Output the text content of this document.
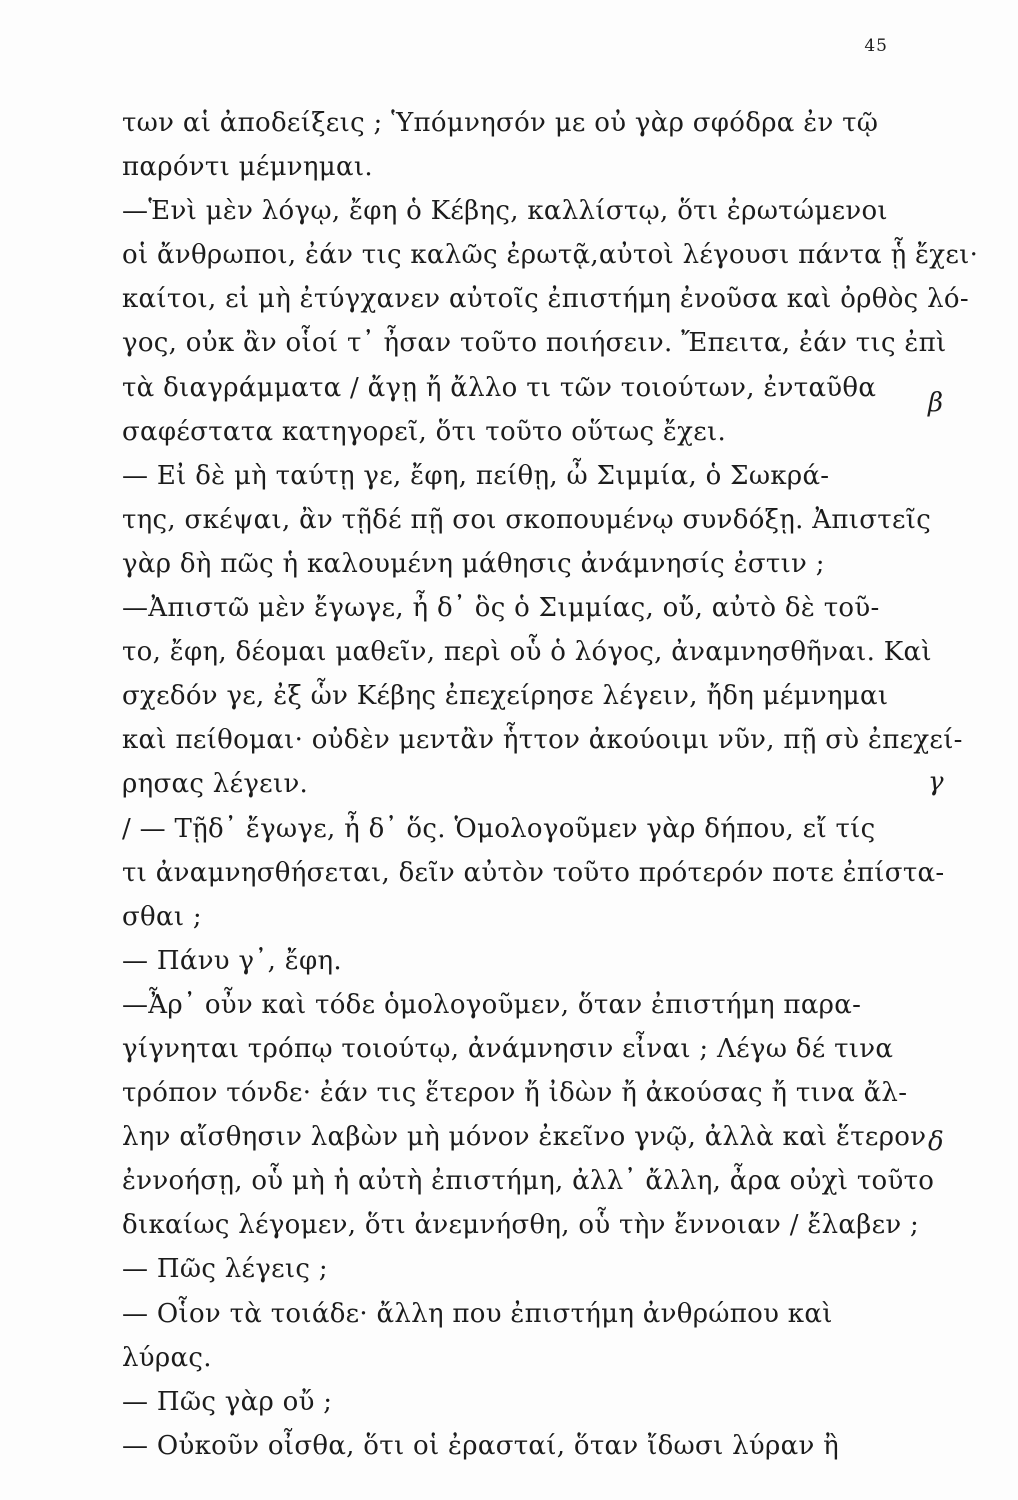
45
των αἱ ἀποδείξεις ; Ὑπόμνησόν με οὐ γὰρ σφόδρα ἐν τῷ
παρόντι μέμνημαι.
—Ἑνὶ μὲν λόγῳ, ἔφη ὁ Κέβης, καλλίστῳ, ὅτι ἐρωτώμενοι
οἱ ἄνθρωποι, ἐάν τις καλῶς ἐρωτᾷ,αὐτοὶ λέγουσι πάντα ᾗ ἔχει·
καίτοι, εἰ μὴ ἐτύγχανεν αὐτοῖς ἐπιστήμη ἐνοῦσα καὶ ὀρθὸς λό-
γος, οὐκ ἂν οἷοί τ᾽ ἦσαν τοῦτο ποιήσειν. Ἔπειτα, ἐάν τις ἐπὶ
τὰ διαγράμματα / ἄγῃ ἤ ἄλλο τι τῶν τοιούτων, ἐνταῦθα
σαφέστατα κατηγορεῖ, ὅτι τοῦτο οὕτως ἔχει.
— Εἰ δὲ μὴ ταύτῃ γε, ἔφη, πείθῃ, ὦ Σιμμία, ὁ Σωκρά-
της, σκέψαι, ἂν τῇδέ πῇ σοι σκοπουμένῳ συνδόξῃ. Ἀπιστεῖς
γὰρ δὴ πῶς ἡ καλουμένη μάθησις ἀνάμνησίς ἐστιν ;
—Ἀπιστῶ μὲν ἔγωγε, ἦ δ᾽ ὃς ὁ Σιμμίας, οὔ, αὐτὸ δὲ τοῦ-
το, ἔφη, δέομαι μαθεῖν, περὶ οὗ ὁ λόγος, ἀναμνησθῆναι. Καὶ
σχεδόν γε, ἐξ ὧν Κέβης ἐπεχείρησε λέγειν, ἤδη μέμνημαι
καὶ πείθομαι· οὐδὲν μεντἂν ἧττον ἀκούοιμι νῦν, πῇ σὺ ἐπεχεί-
ρησας λέγειν.
/ — Τῇδ᾽ ἔγωγε, ἦ δ᾽ ὅς. Ὁμολογοῦμεν γὰρ δήπου, εἴ τίς
τι ἀναμνησθήσεται, δεῖν αὐτὸν τοῦτο πρότερόν ποτε ἐπίστα-
σθαι ;
— Πάνυ γ᾽, ἔφη.
—Ἆρ᾽ οὖν καὶ τόδε ὁμολογοῦμεν, ὅταν ἐπιστήμη παρα-
γίγνηται τρόπῳ τοιούτῳ, ἀνάμνησιν εἶναι ; Λέγω δέ τινα
τρόπον τόνδε· ἐάν τις ἕτερον ἤ ἰδὼν ἤ ἀκούσας ἤ τινα ἄλ-
λην αἴσθησιν λαβὼν μὴ μόνον ἐκεῖνο γνῷ, ἀλλὰ καὶ ἕτερον
ἐννοήσῃ, οὗ μὴ ἡ αὐτὴ ἐπιστήμη, ἀλλ᾽ ἄλλη, ἆρα οὐχὶ τοῦτο
δικαίως λέγομεν, ὅτι ἀνεμνήσθη, οὗ τὴν ἔννοιαν / ἔλαβεν ;
— Πῶς λέγεις ;
— Οἷον τὰ τοιάδε· ἄλλη που ἐπιστήμη ἀνθρώπου καὶ
λύρας.
— Πῶς γὰρ οὔ ;
— Οὐκοῦν οἶσθα, ὅτι οἱ ἐρασταί, ὅταν ἴδωσι λύραν ἢ
β
γ
δ
